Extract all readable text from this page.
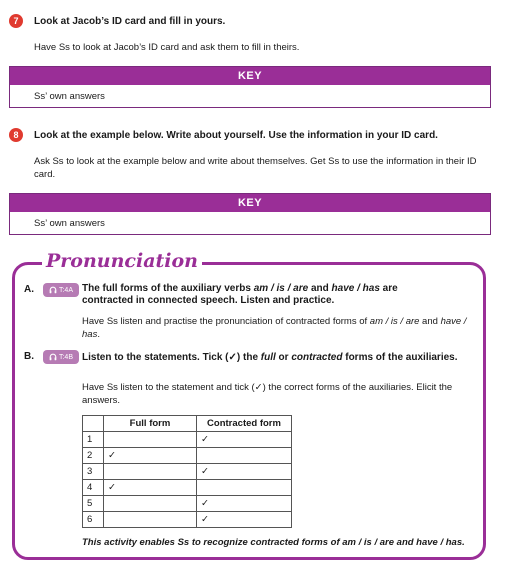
7	Look at Jacob’s ID card and fill in yours.
Have Ss to look at Jacob’s ID card and ask them to fill in theirs.
KEY
Ss’ own answers
8	Look at the example below. Write about yourself. Use the information in your ID card.
Ask Ss to look at the example below and write about themselves. Get Ss to use the information in their ID card.
KEY
Ss’ own answers
Pronunciation
A.	T:4A The full forms of the auxiliary verbs am / is / are and have / has are contracted in connected speech. Listen and practice.
Have Ss listen and practise the pronunciation of contracted forms of am / is / are and have / has.
B.	T:4B Listen to the statements. Tick (✓) the full or contracted forms of the auxiliaries.
Have Ss listen to the statement and tick (✓) the correct forms of the auxiliaries. Elicit the answers.
	Full form	Contracted form
1		✓
2	✓	
3		✓
4	✓	
5		✓
6		✓
This activity enables Ss to recognize contracted forms of am / is / are and have / has.
